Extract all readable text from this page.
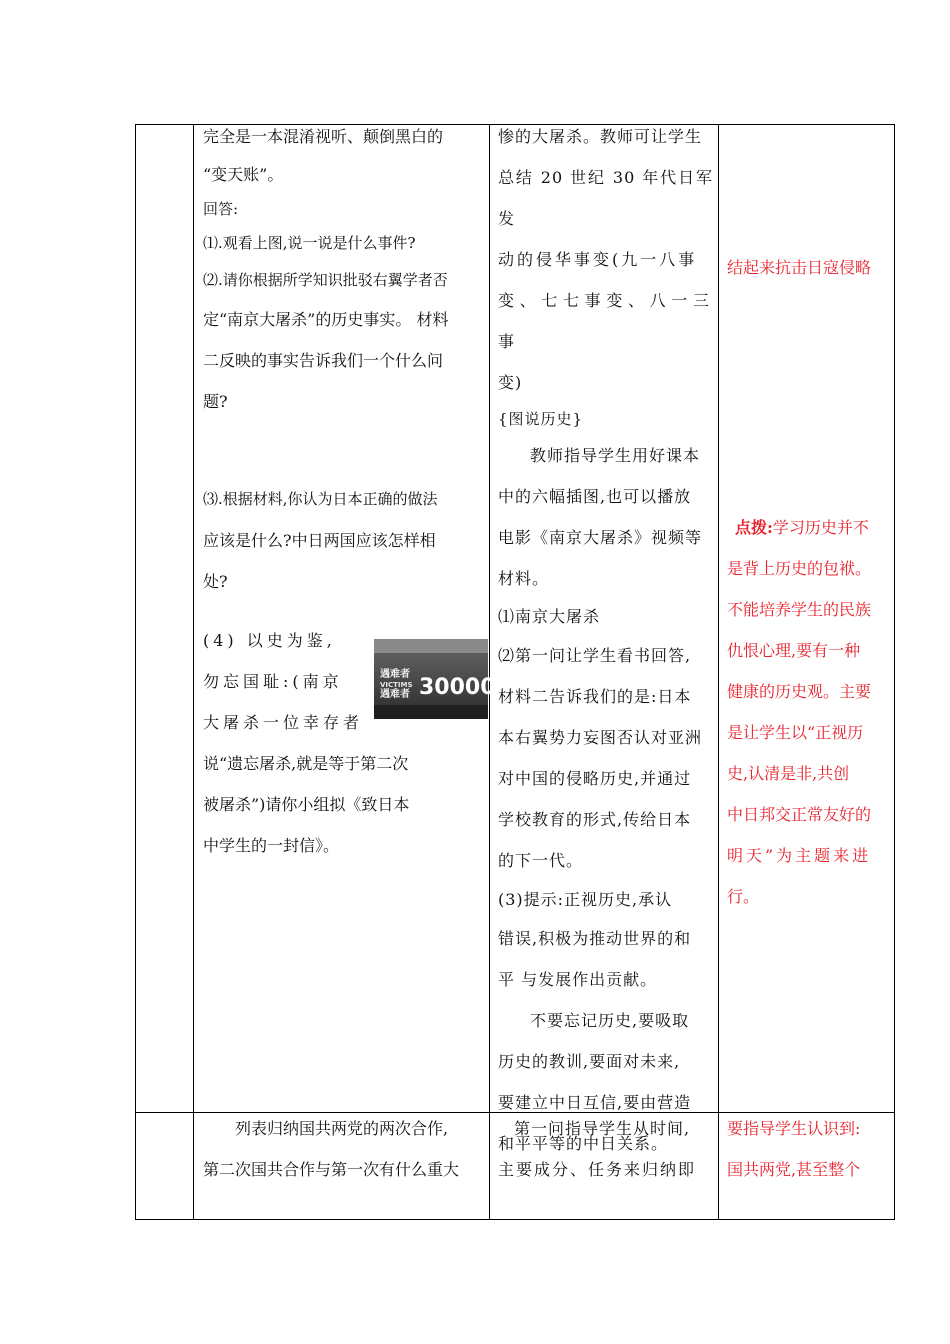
完全是一本混淆视听、颠倒黑白的

“变天账”。

回答:

⑴.观看上图,说一说是什么事件?

⑵.请你根据所学知识批驳右翼学者否

定“南京大屠杀”的历史事实。 材料

二反映的事实告诉我们一个什么问

题?

⑶.根据材料,你认为日本正确的做法

应该是什么?中日两国应该怎样相

处?

(4) 以史为鉴,

勿忘国耻:(南京

大屠杀一位幸存者

说“遗忘屠杀,就是等于第二次

被屠杀”)请你小组拟《致日本

中学生的一封信》。

遇难者
VICTIMS
遇难者 300000

惨的大屠杀。教师可让学生

总结 20 世纪 30 年代日军发

动的侵华事变(九一八事

变、七七事变、八一三事

变)

{图说历史}

教师指导学生用好课本

中的六幅插图,也可以播放

电影《南京大屠杀》视频等

材料。

⑴南京大屠杀

⑵第一问让学生看书回答,

材料二告诉我们的是:日本

本右翼势力妄图否认对亚洲

对中国的侵略历史,并通过

学校教育的形式,传给日本

的下一代。

(3)提示:正视历史,承认

错误,积极为推动世界的和

平 与发展作出贡献。

不要忘记历史,要吸取

历史的教训,要面对未来,

要建立中日互信,要由营造

和平平等的中日关系。

结起来抗击日寇侵略

点拨:学习历史并不

是背上历史的包袱。

不能培养学生的民族

仇恨心理,要有一种

健康的历史观。主要

是让学生以“正视历

史,认清是非,共创

中日邦交正常友好的

明天”为主题来进

行。

列表归纳国共两党的两次合作,

第二次国共合作与第一次有什么重大

第一问指导学生从时间,

主要成分、任务来归纳即

要指导学生认识到:

国共两党,甚至整个
